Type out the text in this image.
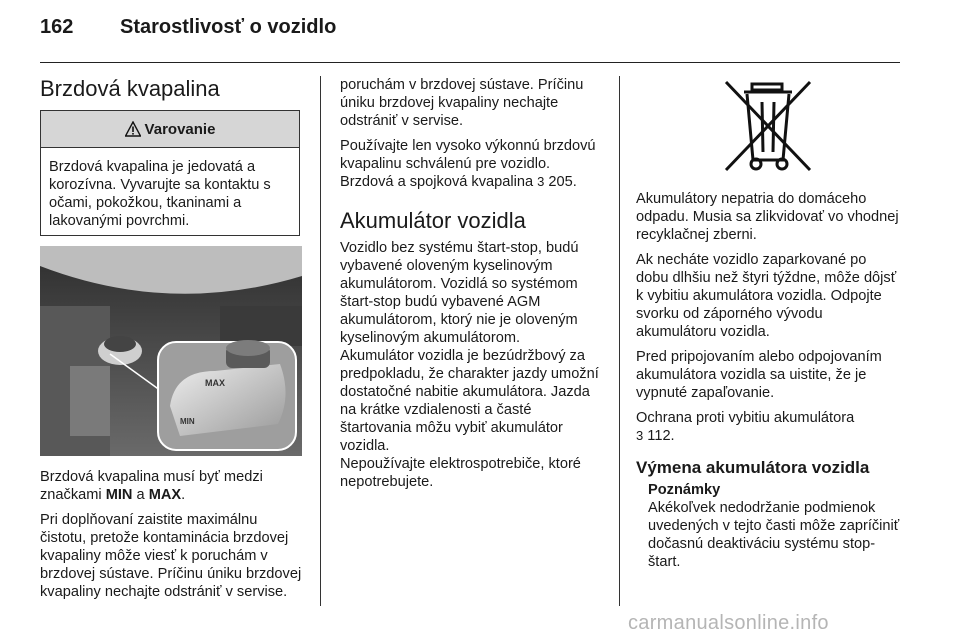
162 Starostlivosť o vozidlo
Brzdová kvapalina
Varovanie
Brzdová kvapalina je jedovatá a korozívna. Vyvarujte sa kontaktu s očami, pokožkou, tkaninami a lakovanými povrchmi.
MAX
MIN

Brzdová kvapalina musí byť medzi značkami MIN a MAX.

Pri doplňovaní zaistite maximálnu čistotu, pretože kontaminácia brzdovej kvapaliny môže viesť k poruchám v brzdovej sústave. Príčinu úniku brzdovej kvapaliny nechajte odstrániť v servise.

poruchám v brzdovej sústave. Príčinu úniku brzdovej kvapaliny nechajte odstrániť v servise.

Používajte len vysoko výkonnú brzdovú kvapalinu schválenú pre vozidlo. Brzdová a spojková kvapalina 3 205.

Akumulátor vozidla

Vozidlo bez systému štart-stop, budú vybavené oloveným kyselinovým akumulátorom. Vozidlá so systémom štart-stop budú vybavené AGM akumulátorom, ktorý nie je oloveným kyselinovým akumulátorom.

Akumulátor vozidla je bezúdržbový za predpokladu, že charakter jazdy umožní dostatočné nabitie akumulátora. Jazda na krátke vzdialenosti a časté štartovania môžu vybiť akumulátor vozidla.

Nepoužívajte elektrospotrebiče, ktoré nepotrebujete.

Akumulátory nepatria do domáceho odpadu. Musia sa zlikvidovať vo vhodnej recyklačnej zberni.

Ak necháte vozidlo zaparkované po dobu dlhšiu než štyri týždne, môže dôjsť k vybitiu akumulátora vozidla. Odpojte svorku od záporného vývodu akumulátoru vozidla.

Pred pripojovaním alebo odpojovaním akumulátora vozidla sa uistite, že je vypnuté zapaľovanie.

Ochrana proti vybitiu akumulátora
3 112.

Výmena akumulátora vozidla

Poznámky

Akékoľvek nedodržanie podmienok uvedených v tejto časti môže zapríčiniť dočasnú deaktiváciu systému stop-štart.

carmanualsonline.info
